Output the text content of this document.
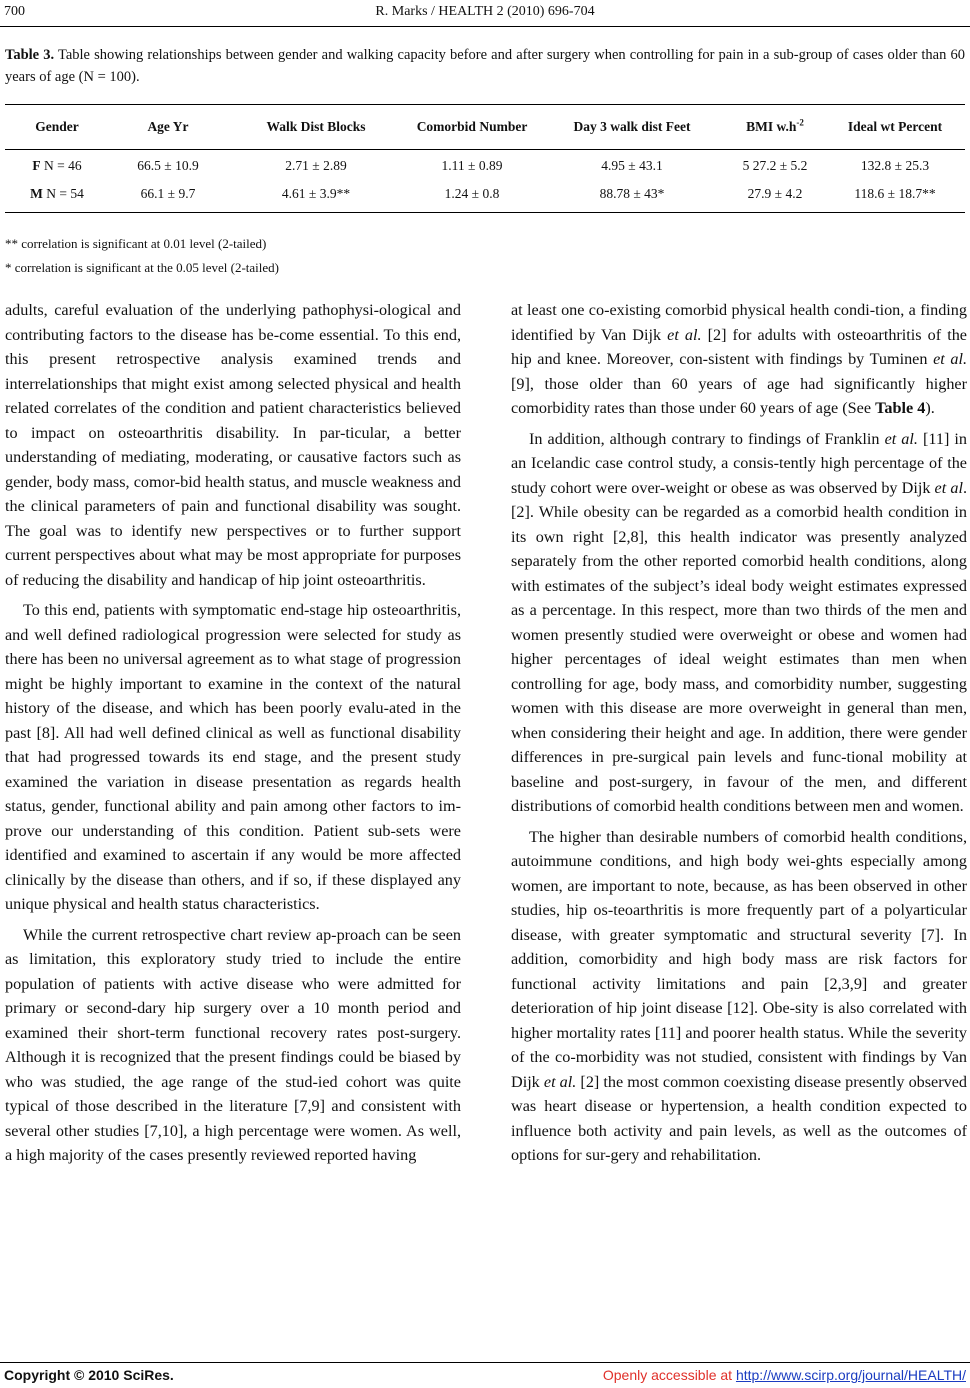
700	R. Marks / HEALTH 2 (2010) 696-704
Table 3. Table showing relationships between gender and walking capacity before and after surgery when controlling for pain in a sub-group of cases older than 60 years of age (N = 100).
Gender	Age Yr	Walk Dist Blocks	Comorbid Number	Day 3 walk dist Feet	BMI $w.h^{-2}$	Ideal wt Percent
F N = 46	66.5 ± 10.9	2.71 ± 2.89	1.11 ± 0.89	4.95 ± 43.1	5 27.2 ± 5.2	132.8 ± 25.3
M N = 54	66.1 ± 9.7	4.61 ± 3.9**	1.24 ± 0.8	88.78 ± 43*	27.9 ± 4.2	118.6 ± 18.7**
** correlation is significant at 0.01 level (2-tailed)
* correlation is significant at the 0.05 level (2-tailed)

adults, careful evaluation of the underlying pathophysi-ological and contributing factors to the disease has be-come essential. To this end, this present retrospective analysis examined trends and interrelationships that might exist among selected physical and health related correlates of the condition and patient characteristics believed to impact on osteoarthritis disability. In par-ticular, a better understanding of mediating, moderating, or causative factors such as gender, body mass, comor-bid health status, and muscle weakness and the clinical parameters of pain and functional disability was sought. The goal was to identify new perspectives or to further support current perspectives about what may be most appropriate for purposes of reducing the disability and handicap of hip joint osteoarthritis.

To this end, patients with symptomatic end-stage hip osteoarthritis, and well defined radiological progression were selected for study as there has been no universal agreement as to what stage of progression might be highly important to examine in the context of the natural history of the disease, and which has been poorly evalu-ated in the past [8]. All had well defined clinical as well as functional disability that had progressed towards its end stage, and the present study examined the variation in disease presentation as regards health status, gender, functional ability and pain among other factors to im-prove our understanding of this condition. Patient sub-sets were identified and examined to ascertain if any would be more affected clinically by the disease than others, and if so, if these displayed any unique physical and health status characteristics.

While the current retrospective chart review ap-proach can be seen as limitation, this exploratory study tried to include the entire population of patients with active disease who were admitted for primary or second-dary hip surgery over a 10 month period and examined their short-term functional recovery rates post-surgery. Although it is recognized that the present findings could be biased by who was studied, the age range of the stud-ied cohort was quite typical of those described in the literature [7,9] and consistent with several other studies [7,10], a high percentage were women. As well, a high majority of the cases presently reviewed reported having

at least one co-existing comorbid physical health condi-tion, a finding identified by Van Dijk et al. [2] for adults with osteoarthritis of the hip and knee. Moreover, con-sistent with findings by Tuminen et al. [9], those older than 60 years of age had significantly higher comorbidity rates than those under 60 years of age (See Table 4).

In addition, although contrary to findings of Franklin et al. [11] in an Icelandic case control study, a consis-tently high percentage of the study cohort were over-weight or obese as was observed by Dijk et al. [2]. While obesity can be regarded as a comorbid health condition in its own right [2,8], this health indicator was presently analyzed separately from the other reported comorbid health conditions, along with estimates of the subject’s ideal body weight estimates expressed as a percentage. In this respect, more than two thirds of the men and women presently studied were overweight or obese and women had higher percentages of ideal weight estimates than men when controlling for age, body mass, and comorbidity number, suggesting women with this disease are more overweight in general than men, when considering their height and age. In addition, there were gender differences in pre-surgical pain levels and func-tional mobility at baseline and post-surgery, in favour of the men, and different distributions of comorbid health conditions between men and women.

The higher than desirable numbers of comorbid health conditions, autoimmune conditions, and high body wei-ghts especially among women, are important to note, because, as has been observed in other studies, hip os-teoarthritis is more frequently part of a polyarticular disease, with greater symptomatic and structural severity [7]. In addition, comorbidity and high body mass are risk factors for functional activity limitations and pain [2,3,9] and greater deterioration of hip joint disease [12]. Obe-sity is also correlated with higher mortality rates [11] and poorer health status. While the severity of the co-morbidity was not studied, consistent with findings by Van Dijk et al. [2] the most common coexisting disease presently observed was heart disease or hypertension, a health condition expected to influence both activity and pain levels, as well as the outcomes of options for sur-gery and rehabilitation.

Copyright © 2010 SciRes.	Openly accessible at http://www.scirp.org/journal/HEALTH/
